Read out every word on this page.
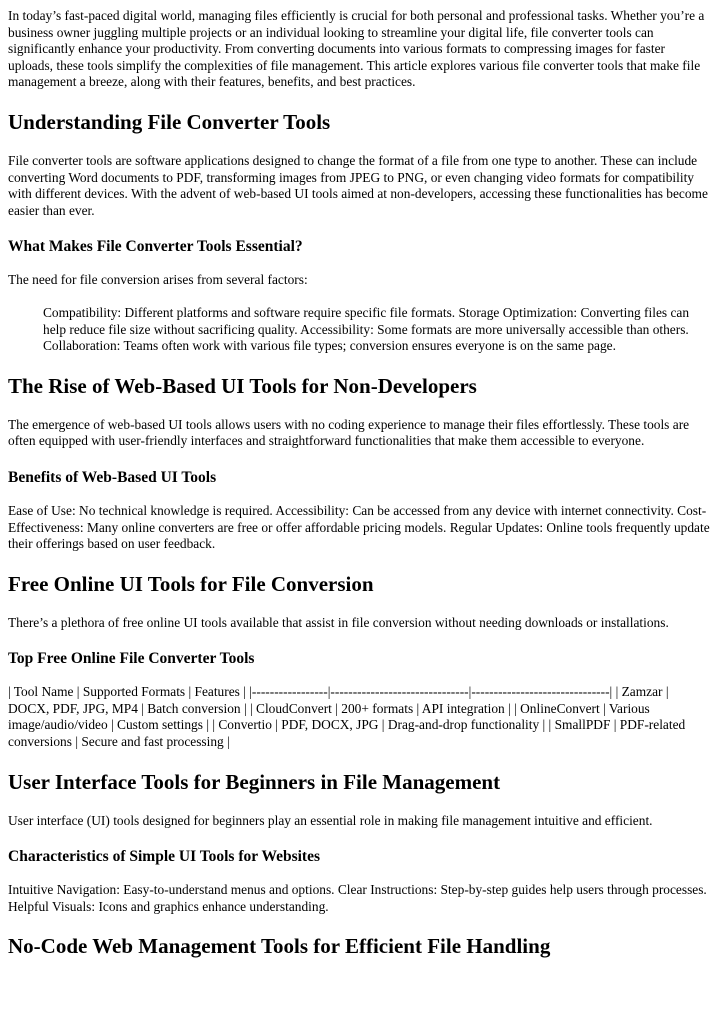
In today’s fast-paced digital world, managing files efficiently is crucial for both personal and professional tasks. Whether you’re a business owner juggling multiple projects or an individual looking to streamline your digital life, file converter tools can significantly enhance your productivity. From converting documents into various formats to compressing images for faster uploads, these tools simplify the complexities of file management. This article explores various file converter tools that make file management a breeze, along with their features, benefits, and best practices.

Understanding File Converter Tools

File converter tools are software applications designed to change the format of a file from one type to another. These can include converting Word documents to PDF, transforming images from JPEG to PNG, or even changing video formats for compatibility with different devices. With the advent of web-based UI tools aimed at non-developers, accessing these functionalities has become easier than ever.

What Makes File Converter Tools Essential?

The need for file conversion arises from several factors:

Compatibility: Different platforms and software require specific file formats. Storage Optimization: Converting files can help reduce file size without sacrificing quality. Accessibility: Some formats are more universally accessible than others. Collaboration: Teams often work with various file types; conversion ensures everyone is on the same page.
The Rise of Web-Based UI Tools for Non-Developers

The emergence of web-based UI tools allows users with no coding experience to manage their files effortlessly. These tools are often equipped with user-friendly interfaces and straightforward functionalities that make them accessible to everyone.

Benefits of Web-Based UI Tools

Ease of Use: No technical knowledge is required. Accessibility: Can be accessed from any device with internet connectivity. Cost-Effectiveness: Many online converters are free or offer affordable pricing models. Regular Updates: Online tools frequently update their offerings based on user feedback.

Free Online UI Tools for File Conversion

There’s a plethora of free online UI tools available that assist in file conversion without needing downloads or installations.

Top Free Online File Converter Tools

| Tool Name | Supported Formats | Features | |-----------------|-------------------------------|-------------------------------| | Zamzar | DOCX, PDF, JPG, MP4 | Batch conversion | | CloudConvert | 200+ formats | API integration | | OnlineConvert | Various image/audio/video | Custom settings | | Convertio | PDF, DOCX, JPG | Drag-and-drop functionality | | SmallPDF | PDF-related conversions | Secure and fast processing |

User Interface Tools for Beginners in File Management

User interface (UI) tools designed for beginners play an essential role in making file management intuitive and efficient.

Characteristics of Simple UI Tools for Websites

Intuitive Navigation: Easy-to-understand menus and options. Clear Instructions: Step-by-step guides help users through processes. Helpful Visuals: Icons and graphics enhance understanding.

No-Code Web Management Tools for Efficient File Handling
